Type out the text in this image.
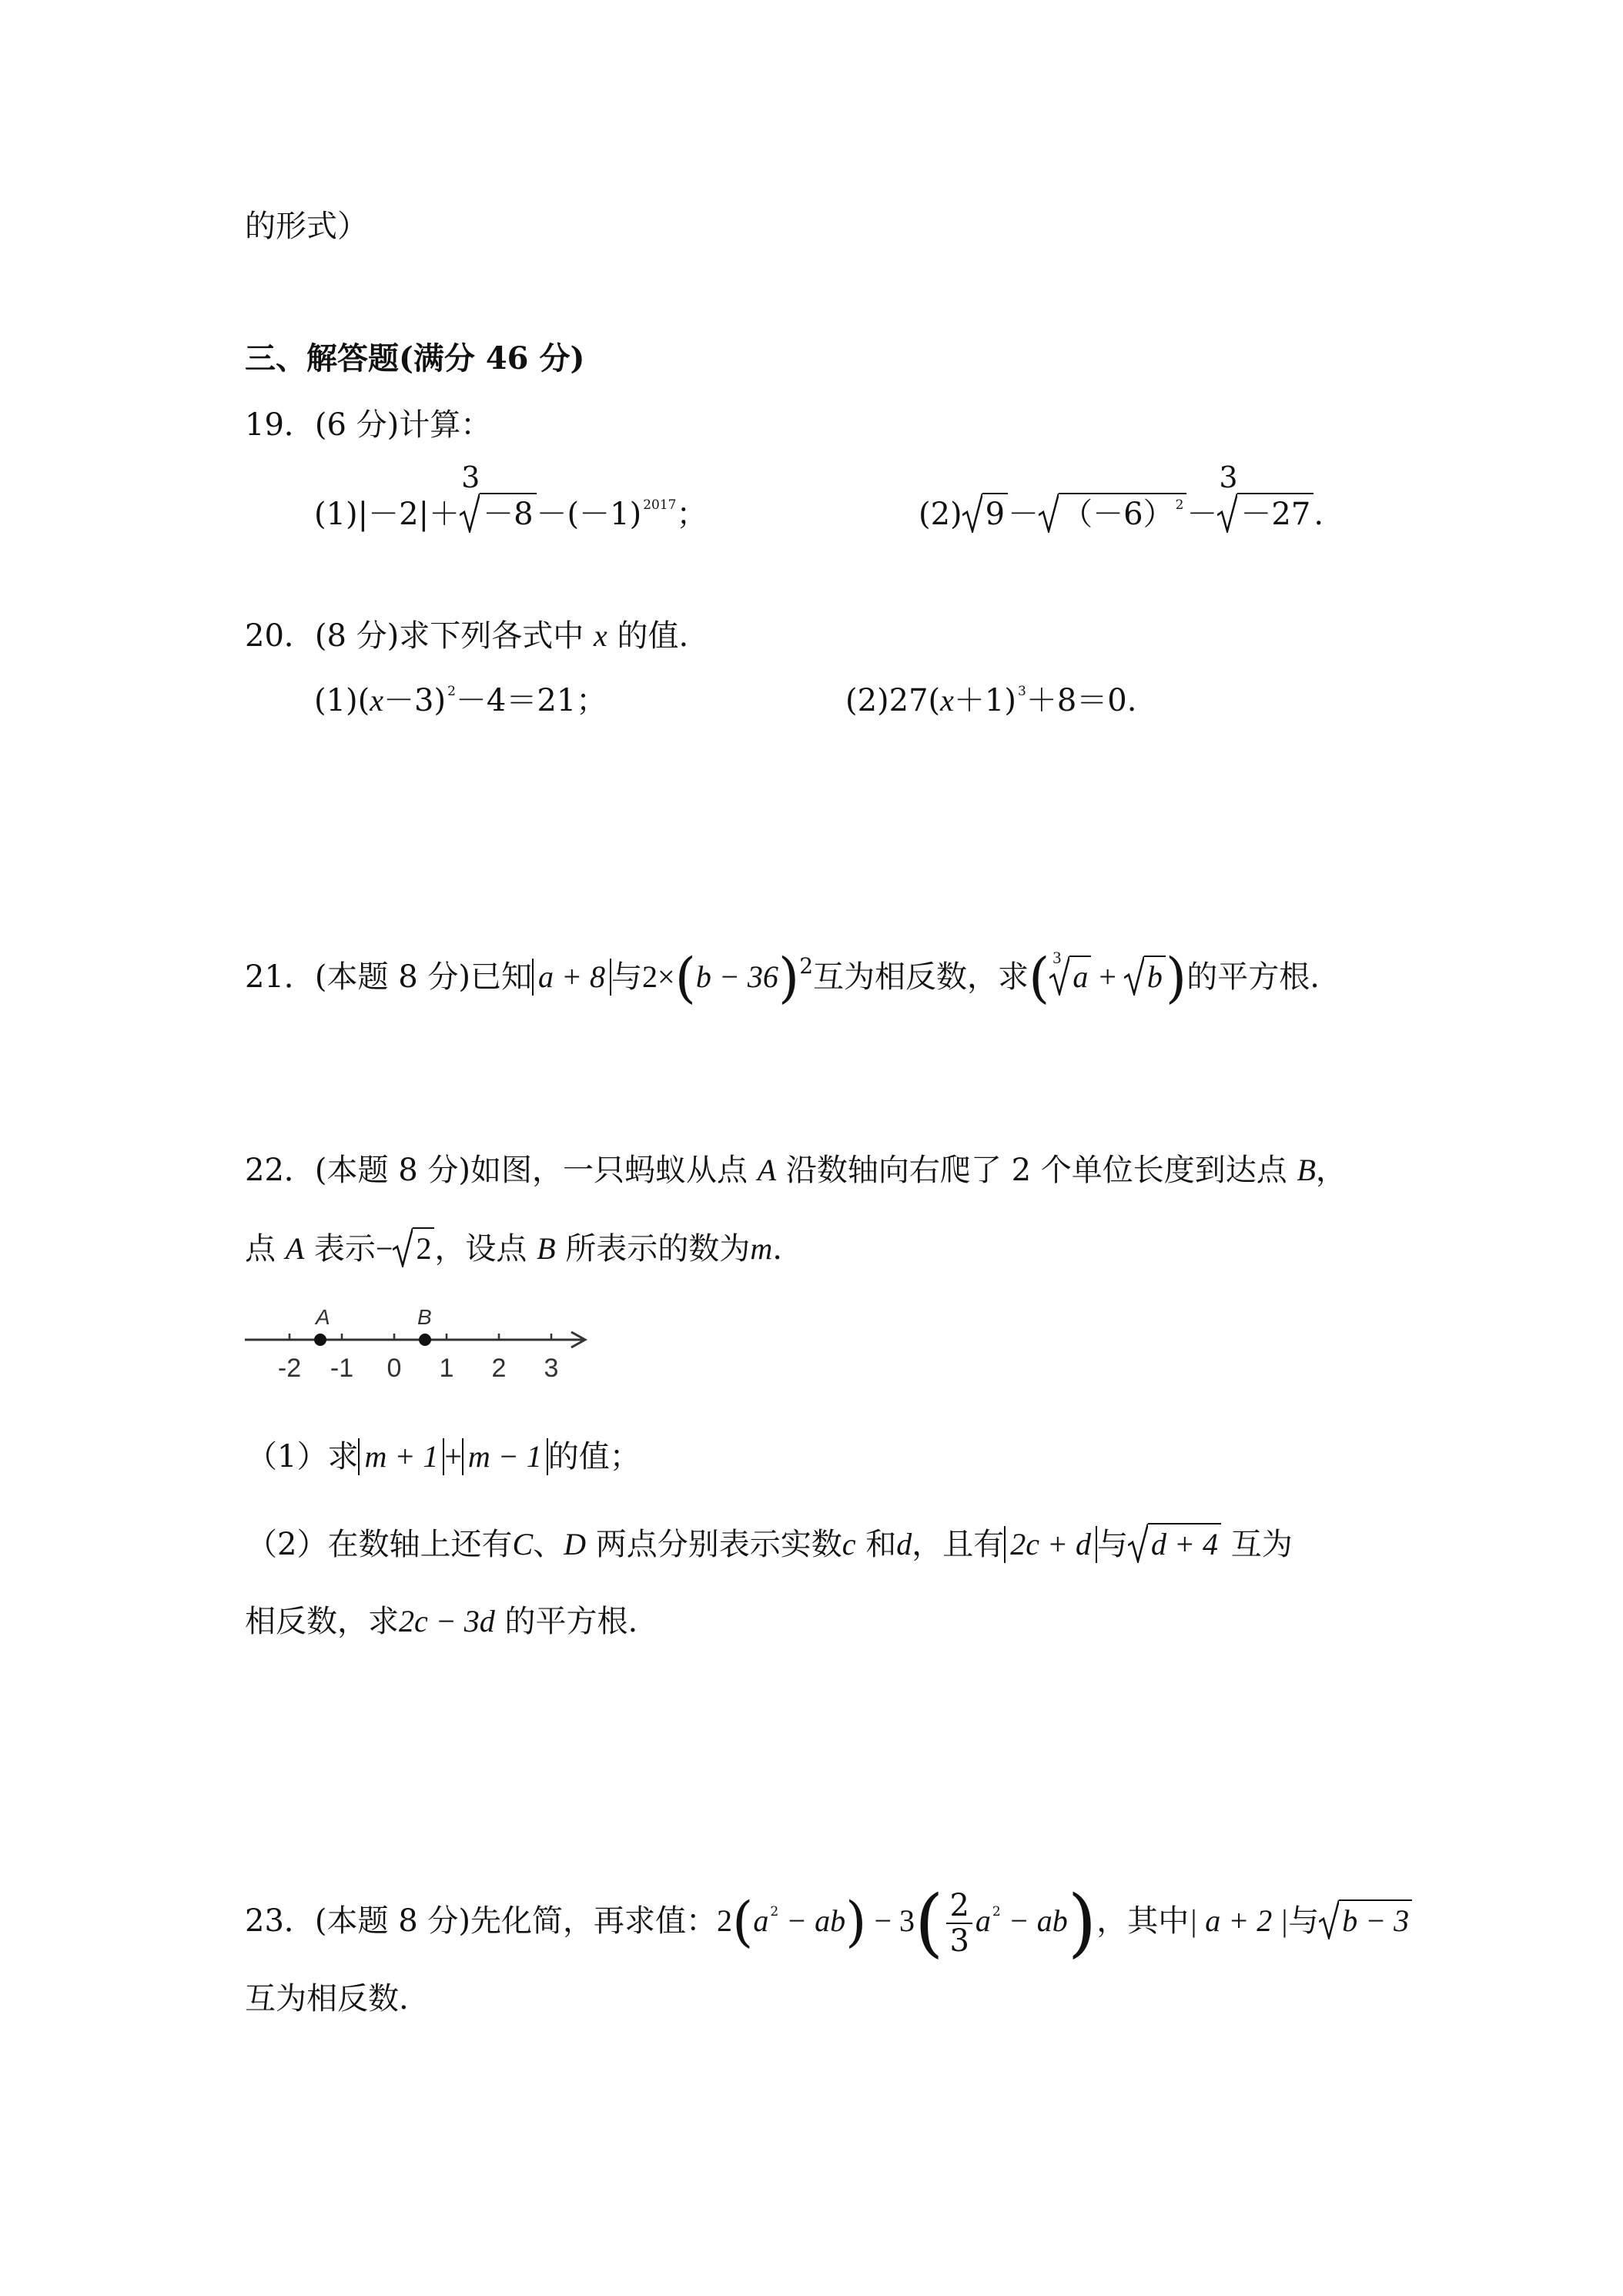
的形式）
三、解答题(满分 46 分)
19．(6 分)计算：
(1)|－2|＋
3
－8 －(－1) $^{2017}$；	(2) 9 － （－6） $^2$ －
3
－27 .
20．(8 分)求下列各式中 x 的值.
(1)(x－3) $^2$－4＝21；	(2)27(x＋1) $^3$＋8＝0.
21．(本题 8 分)已知 a + 8 与$2\times(b - 36)^2$互为相反数，求( 3
a +
b)的平方根.
22．(本题 8 分)如图，一只蚂蚁从点 A 沿数轴向右爬了 2 个单位长度到达点 B，
点 A 表示− 2 ，设点 B 所表示的数为m.
A	B
-2 -1 0 1 2 3
（1）求 m + 1 + m − 1 的值；
（2）在数轴上还有C、D 两点分别表示实数c 和d，且有 2c + d 与 d + 4 互为
相反数，求2c − 3d 的平方根.
23．(本题 8 分)先化简，再求值：2(a $^2 - ab) - 3( \frac{2}{3}$ a $^2$ − ab)，其中| a + 2 |与 b − 3
互为相反数.
